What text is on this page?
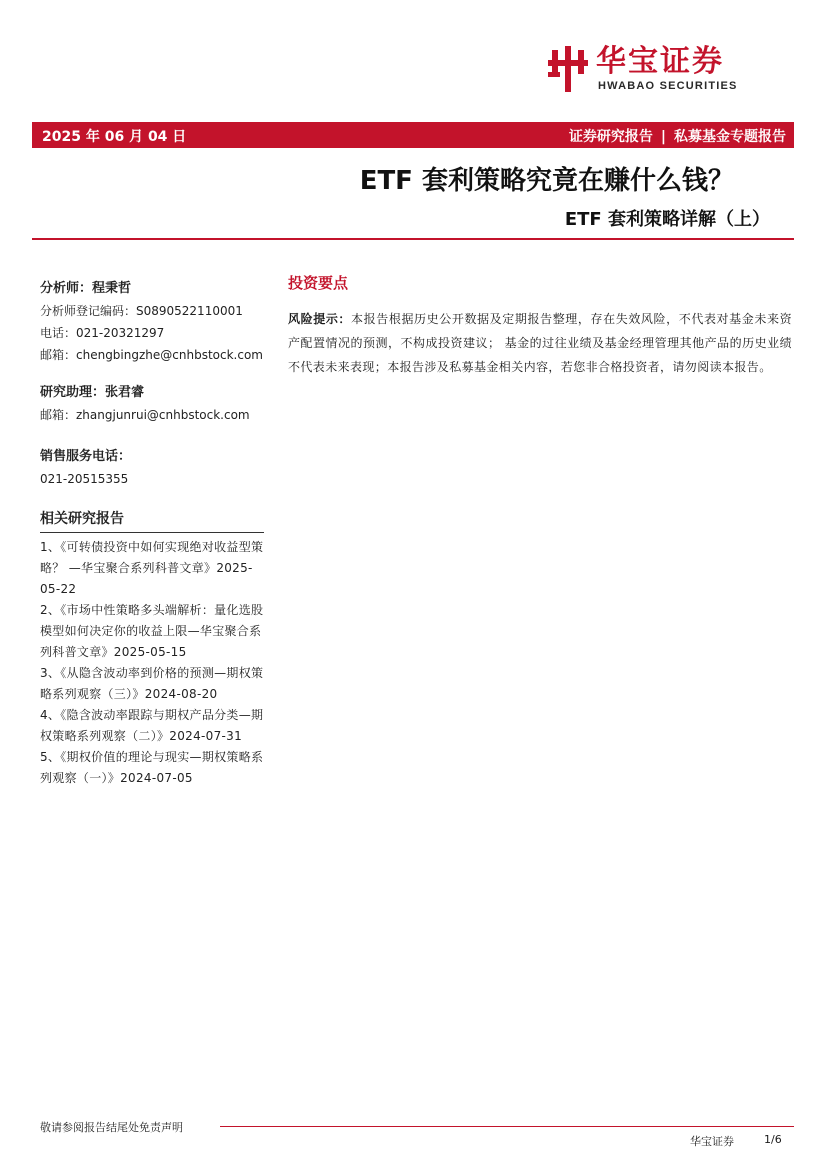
华宝证券
HWABAO SECURITIES
2025 年 06 月 04 日	证券研究报告 | 私募基金专题报告
ETF 套利策略究竟在赚什么钱？
ETF 套利策略详解（上）
分析师：程秉哲
分析师登记编码：S0890522110001
电话：021-20321297
邮箱：chengbingzhe@cnhbstock.com
研究助理：张君睿
邮箱：zhangjunrui@cnhbstock.com
销售服务电话：
021-20515355
相关研究报告
1、《可转债投资中如何实现绝对收益型策略？ —华宝聚合系列科普文章》2025-05-22
2、《市场中性策略多头端解析：量化选股模型如何决定你的收益上限—华宝聚合系列科普文章》2025-05-15
3、《从隐含波动率到价格的预测—期权策略系列观察（三）》2024-08-20
4、《隐含波动率跟踪与期权产品分类—期权策略系列观察（二）》2024-07-31
5、《期权价值的理论与现实—期权策略系列观察（一）》2024-07-05
投资要点
风险提示：本报告根据历史公开数据及定期报告整理，存在失效风险，不代表对基金未来资产配置情况的预测，不构成投资建议； 基金的过往业绩及基金经理管理其他产品的历史业绩不代表未来表现；本报告涉及私募基金相关内容，若您非合格投资者，请勿阅读本报告。
敬请参阅报告结尾处免责声明
华宝证券	1/6
